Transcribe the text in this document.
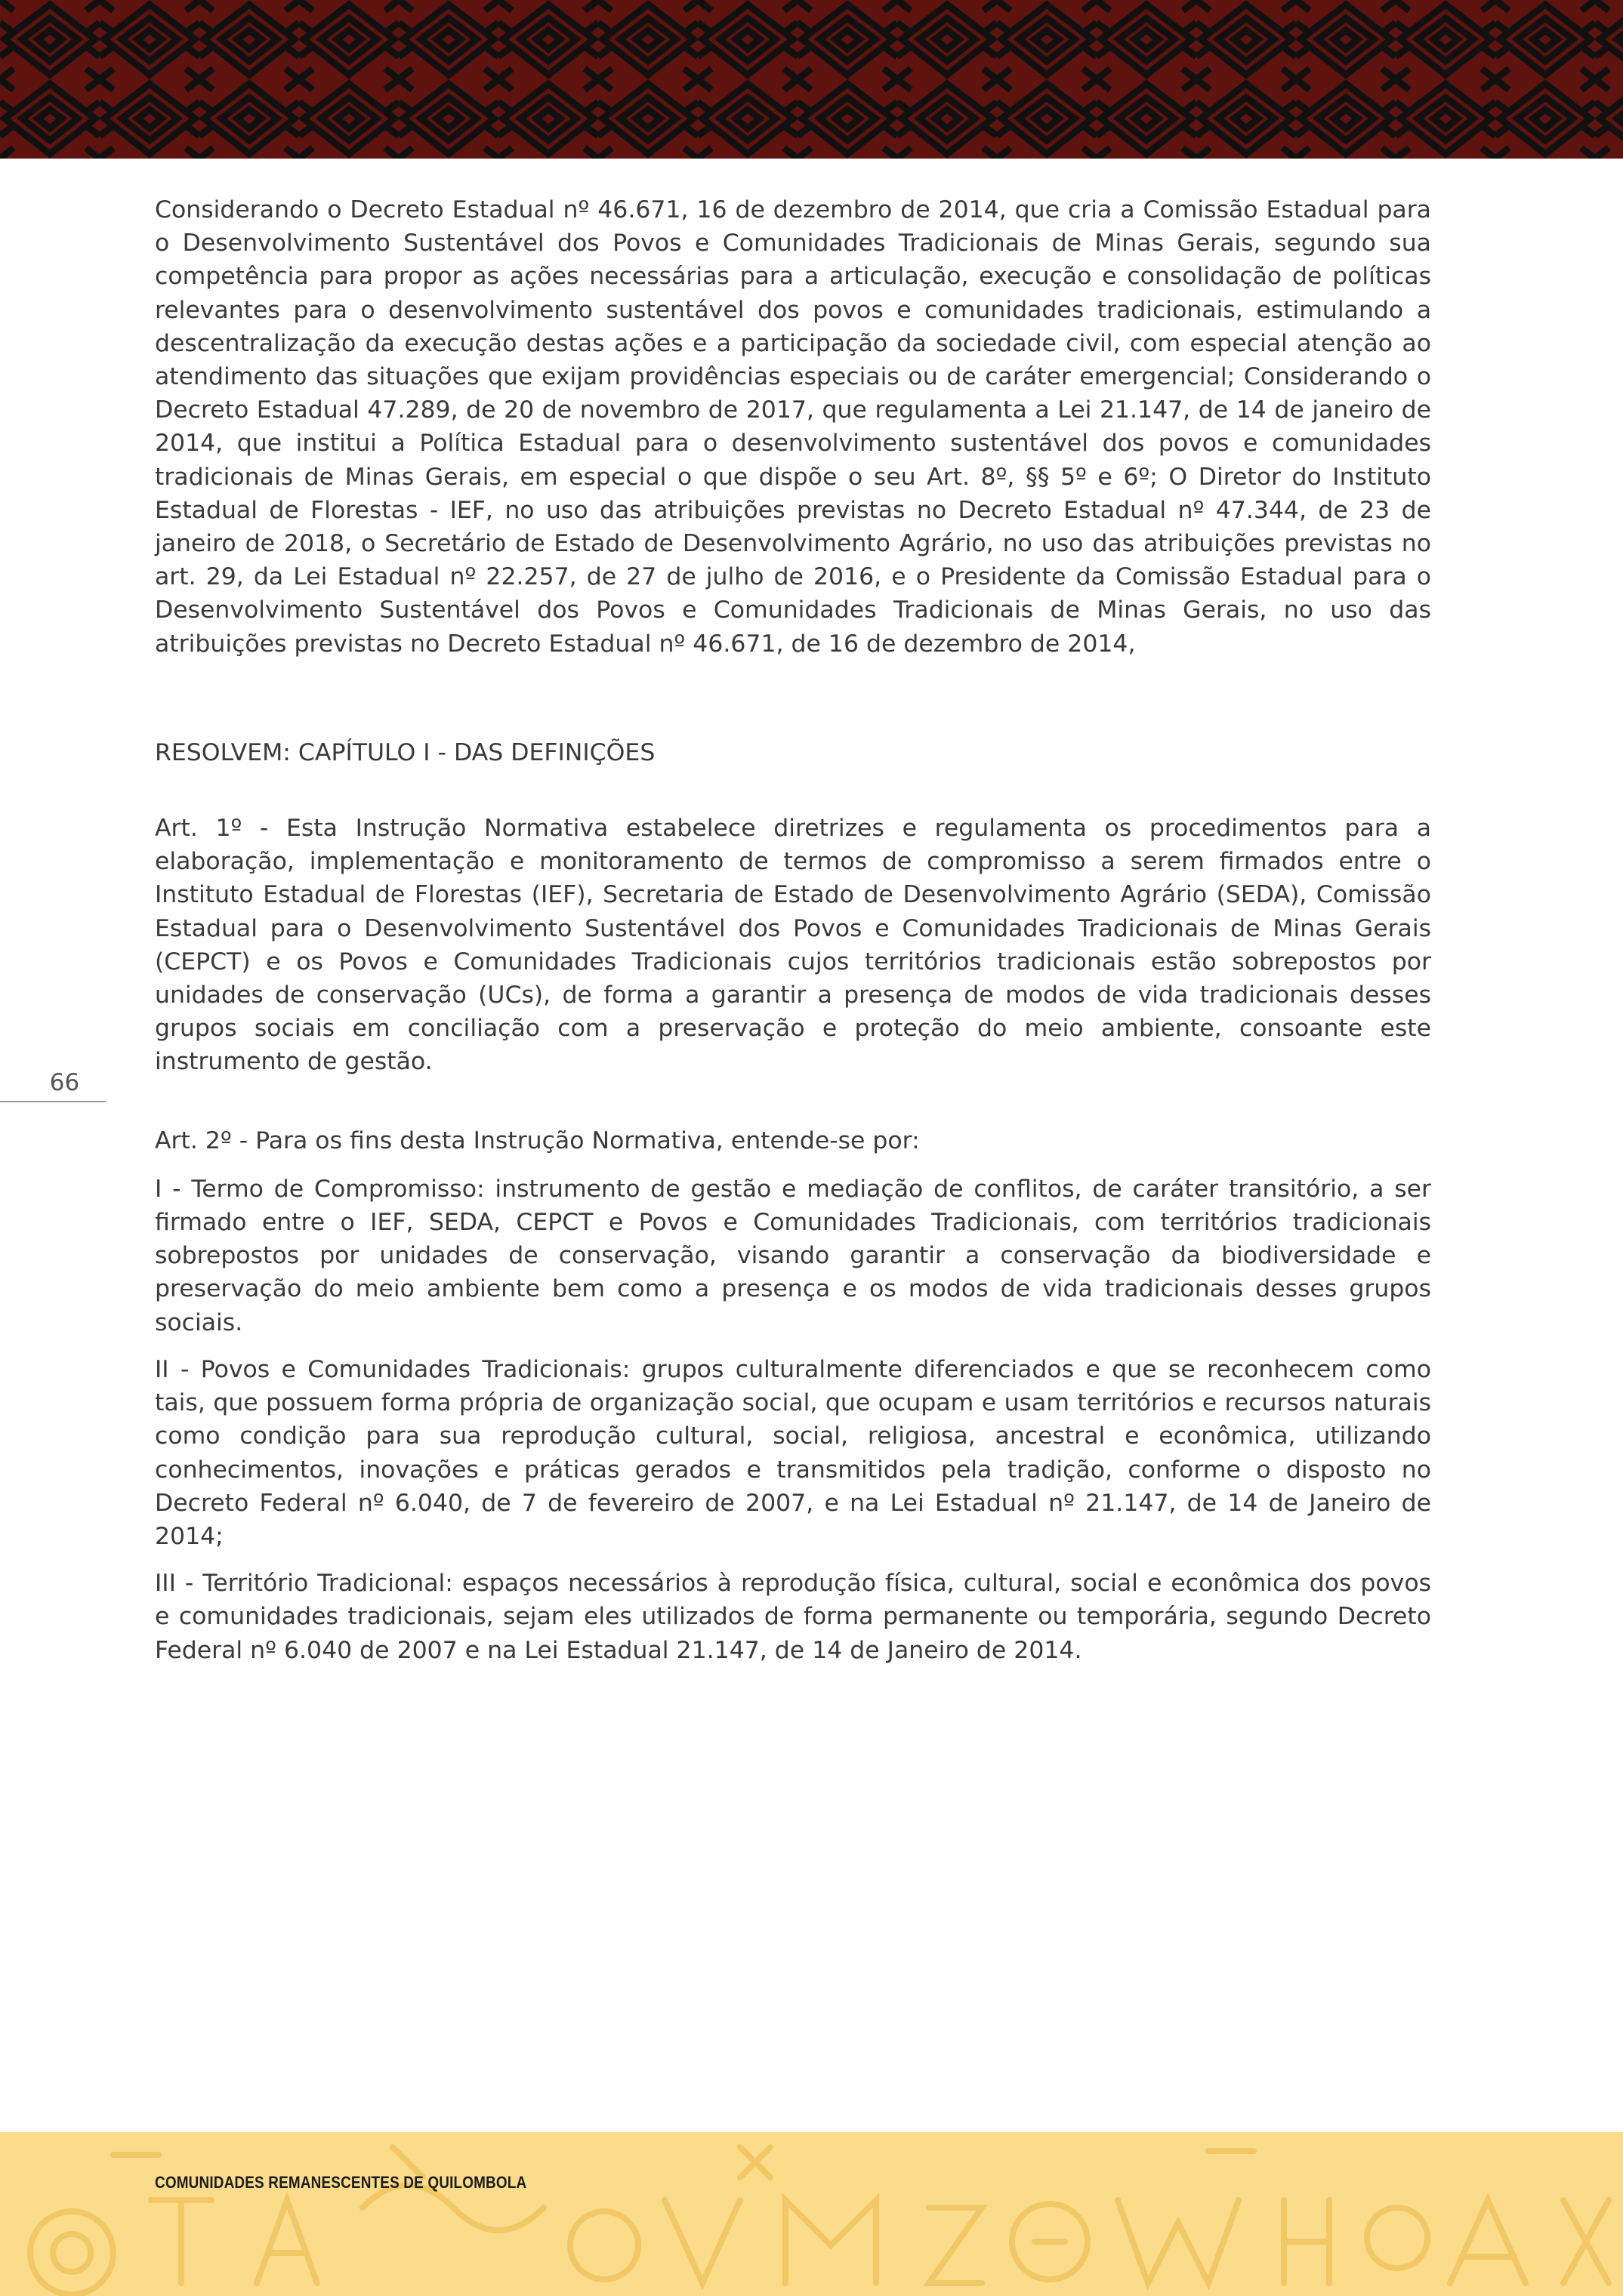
Considerando o Decreto Estadual nº 46.671, 16 de dezembro de 2014, que cria a Comissão Estadual para o Desenvolvimento Sustentável dos Povos e Comunidades Tradicionais de Minas Gerais, segundo sua competência para propor as ações necessárias para a articulação, execução e consolidação de políticas relevantes para o desenvolvimento sustentável dos povos e comunidades tradicionais, estimulando a descentralização da execução destas ações e a participação da sociedade civil, com especial atenção ao atendimento das situações que exijam providências especiais ou de caráter emergencial; Considerando o Decreto Estadual 47.289, de 20 de novembro de 2017, que regulamenta a Lei 21.147, de 14 de janeiro de 2014, que institui a Política Estadual para o desenvolvimento sustentável dos povos e comunidades tradicionais de Minas Gerais, em especial o que dispõe o seu Art. 8º, §§ 5º e 6º; O Diretor do Instituto Estadual de Florestas - IEF, no uso das atribuições previstas no Decreto Estadual nº 47.344, de 23 de janeiro de 2018, o Secretário de Estado de Desenvolvimento Agrário, no uso das atribuições previstas no art. 29, da Lei Estadual nº 22.257, de 27 de julho de 2016, e o Presidente da Comissão Estadual para o Desenvolvimento Sustentável dos Povos e Comunidades Tradicionais de Minas Gerais, no uso das atribuições previstas no Decreto Estadual nº 46.671, de 16 de dezembro de 2014,

RESOLVEM: CAPÍTULO I - DAS DEFINIÇÕES

Art. 1º - Esta Instrução Normativa estabelece diretrizes e regulamenta os procedimentos para a elaboração, implementação e monitoramento de termos de compromisso a serem firmados entre o Instituto Estadual de Florestas (IEF), Secretaria de Estado de Desenvolvimento Agrário (SEDA), Comissão Estadual para o Desenvolvimento Sustentável dos Povos e Comunidades Tradicionais de Minas Gerais (CEPCT) e os Povos e Comunidades Tradicionais cujos territórios tradicionais estão sobrepostos por unidades de conservação (UCs), de forma a garantir a presença de modos de vida tradicionais desses grupos sociais em conciliação com a preservação e proteção do meio ambiente, consoante este instrumento de gestão.

Art. 2º - Para os fins desta Instrução Normativa, entende-se por:

I - Termo de Compromisso: instrumento de gestão e mediação de conflitos, de caráter transitório, a ser firmado entre o IEF, SEDA, CEPCT e Povos e Comunidades Tradicionais, com territórios tradicionais sobrepostos por unidades de conservação, visando garantir a conservação da biodiversidade e preservação do meio ambiente bem como a presença e os modos de vida tradicionais desses grupos sociais.

II - Povos e Comunidades Tradicionais: grupos culturalmente diferenciados e que se reconhecem como tais, que possuem forma própria de organização social, que ocupam e usam territórios e recursos naturais como condição para sua reprodução cultural, social, religiosa, ancestral e econômica, utilizando conhecimentos, inovações e práticas gerados e transmitidos pela tradição, conforme o disposto no Decreto Federal nº 6.040, de 7 de fevereiro de 2007, e na Lei Estadual nº 21.147, de 14 de Janeiro de 2014;

III - Território Tradicional: espaços necessários à reprodução física, cultural, social e econômica dos povos e comunidades tradicionais, sejam eles utilizados de forma permanente ou temporária, segundo Decreto Federal nº 6.040 de 2007 e na Lei Estadual 21.147, de 14 de Janeiro de 2014.

66
COMUNIDADES REMANESCENTES DE QUILOMBOLA
